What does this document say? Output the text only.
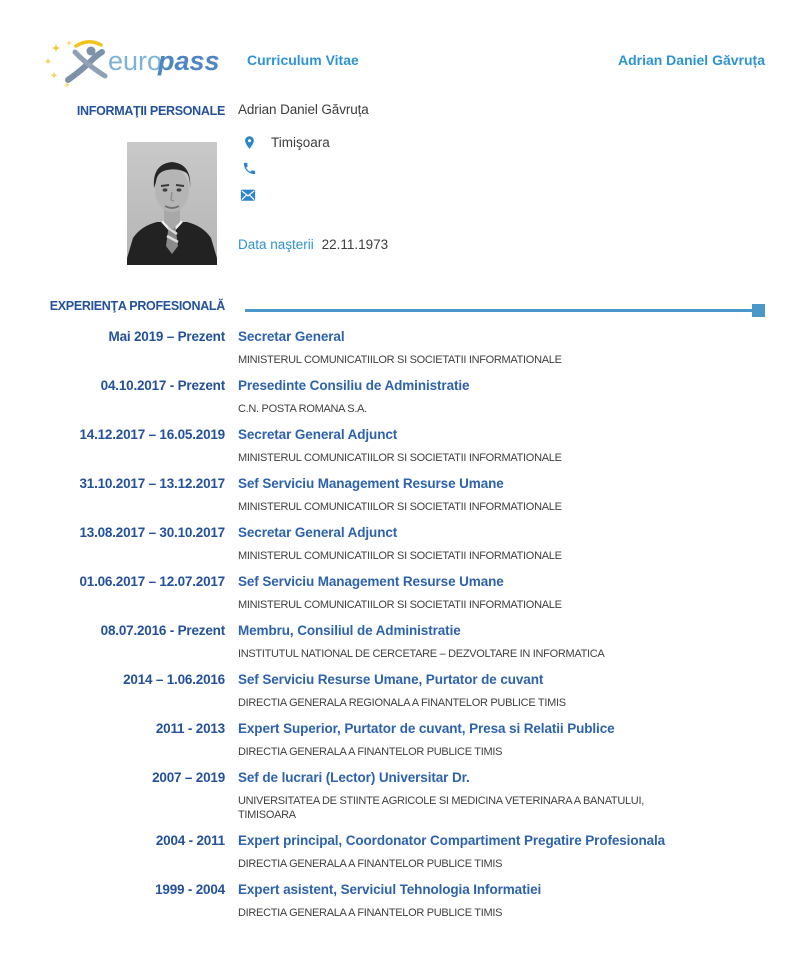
euro
pass Curriculum Vitae	Adrian Daniel Găvruța
INFORMAŢII PERSONALE Adrian Daniel Găvruța
Timişoara
Data naşterii 22.11.1973
EXPERIENŢA PROFESIONALĂ
Mai 2019 – Prezent Secretar General
MINISTERUL COMUNICATIILOR SI SOCIETATII INFORMATIONALE
04.10.2017 - Prezent Presedinte Consiliu de Administratie
C.N. POSTA ROMANA S.A.
14.12.2017 – 16.05.2019 Secretar General Adjunct
MINISTERUL COMUNICATIILOR SI SOCIETATII INFORMATIONALE
31.10.2017 – 13.12.2017 Sef Serviciu Management Resurse Umane
MINISTERUL COMUNICATIILOR SI SOCIETATII INFORMATIONALE
13.08.2017 – 30.10.2017 Secretar General Adjunct
MINISTERUL COMUNICATIILOR SI SOCIETATII INFORMATIONALE
01.06.2017 – 12.07.2017 Sef Serviciu Management Resurse Umane
MINISTERUL COMUNICATIILOR SI SOCIETATII INFORMATIONALE
08.07.2016 - Prezent Membru, Consiliul de Administratie
INSTITUTUL NATIONAL DE CERCETARE – DEZVOLTARE IN INFORMATICA
2014 – 1.06.2016 Sef Serviciu Resurse Umane, Purtator de cuvant
DIRECTIA GENERALA REGIONALA A FINANTELOR PUBLICE TIMIS
2011 - 2013 Expert Superior, Purtator de cuvant, Presa si Relatii Publice
DIRECTIA GENERALA A FINANTELOR PUBLICE TIMIS
2007 – 2019 Sef de lucrari (Lector) Universitar Dr.
UNIVERSITATEA DE STIINTE AGRICOLE SI MEDICINA VETERINARA A BANATULUI, TIMISOARA
2004 - 2011 Expert principal, Coordonator Compartiment Pregatire Profesionala
DIRECTIA GENERALA A FINANTELOR PUBLICE TIMIS
1999 - 2004 Expert asistent, Serviciul Tehnologia Informatiei
DIRECTIA GENERALA A FINANTELOR PUBLICE TIMIS
